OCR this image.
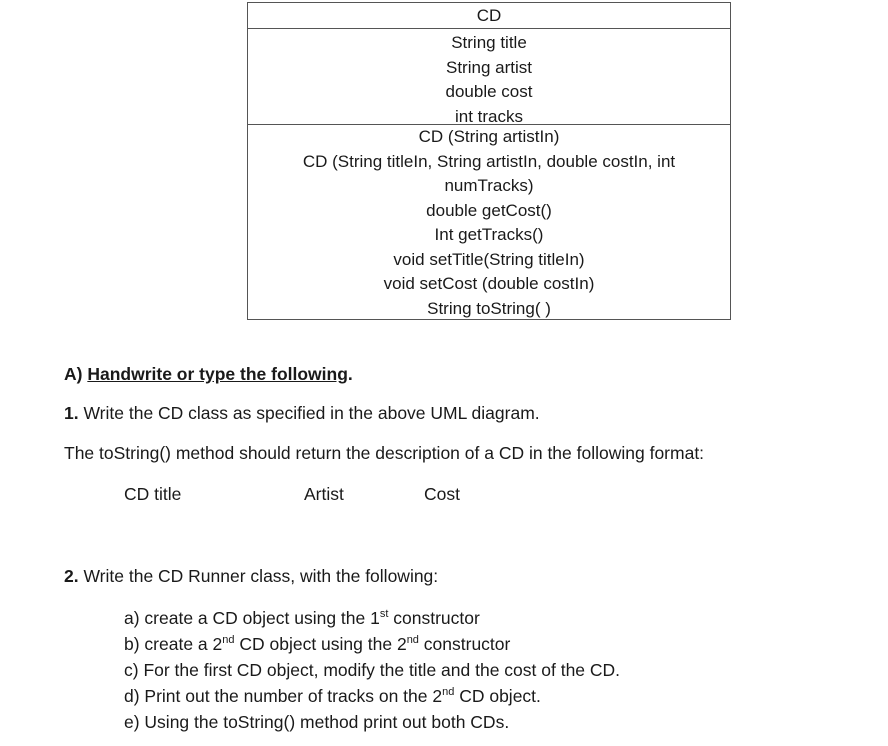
CD
String title
String artist
double cost
int tracks
CD (String artistIn)
CD (String titleIn, String artistIn, double costIn, int numTracks)
double getCost()
Int getTracks()
void setTitle(String titleIn)
void setCost (double costIn)
String toString( )
A) Handwrite or type the following.
1. Write the CD class as specified in the above UML diagram.
The toString() method should return the description of a CD in the following format:
CD title	Artist	Cost
2. Write the CD Runner class, with the following:
a) create a CD object using the 1st constructor
b) create a 2nd CD object using the 2nd constructor
c) For the first CD object, modify the title and the cost of the CD.
d) Print out the number of tracks on the 2nd CD object.
e) Using the toString() method print out both CDs.
